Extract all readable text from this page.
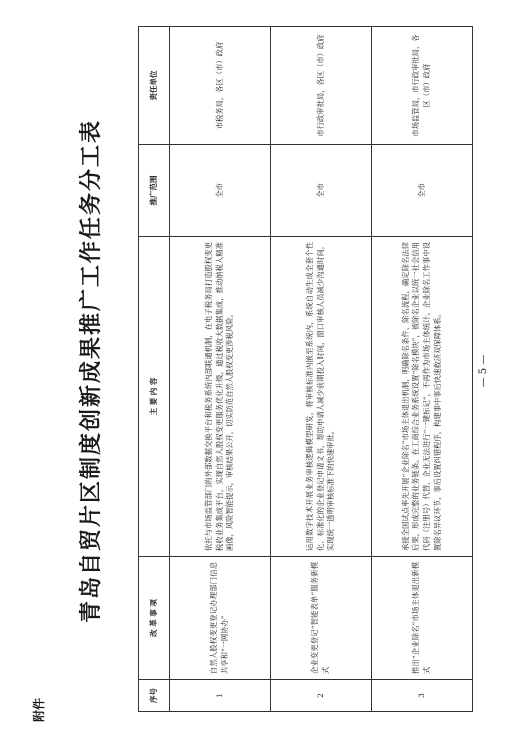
附件
青岛自贸片区制度创新成果推广工作任务分工表
序号	改 革 事 项	主 要 内 容	推广范围	责任单位
1	自然人股权变更登记办理部门信息共享和“一网协办”	依托与市场监管部门的外部数据交换平台和税务系统内部联通机制，在电子税务局打造股权变更税收业务集成平台，实现自然人股权变更服务优化升级，通过税收大数据集成，推动纳税人精准画像，风险智能提示，审核结果公开，切实防范自然人股权变更涉税风险。	全市	市税务局，各区（市）政府
2	企业变更登记“智能表单”服务新模式	运用数字技术开展业务审核逻辑模型研发，将审核标准内嵌至系统内，系统自动生成全套个性化、标准化的企业登记申请文书，帮助申请人减少前期投入时间，窗口审核人员减少沟通时间，实现统一透明审核标准下的快速审批。	全市	市行政审批局，各区（市）政府
3	推出“企业除名”市场主体退出新模式	承接全国试点率先开展“企业除名”市场主体退出机制，明确除名条件、除名流程，确定除名法律后果，形成完整的业务链条。在工商综合业务系统设置“除名模块”，被除名企业以统一社会信用代码（注册号）代替，企业无法进行“一键标记”，不再作为市场主体统计。企业除名工作事中设置除名异议环节，事后设置纠错程序，构建事中事后快速救济双保障体系。	全市	市场监管局，市行政审批局，各区（市）政府
— 5 —
